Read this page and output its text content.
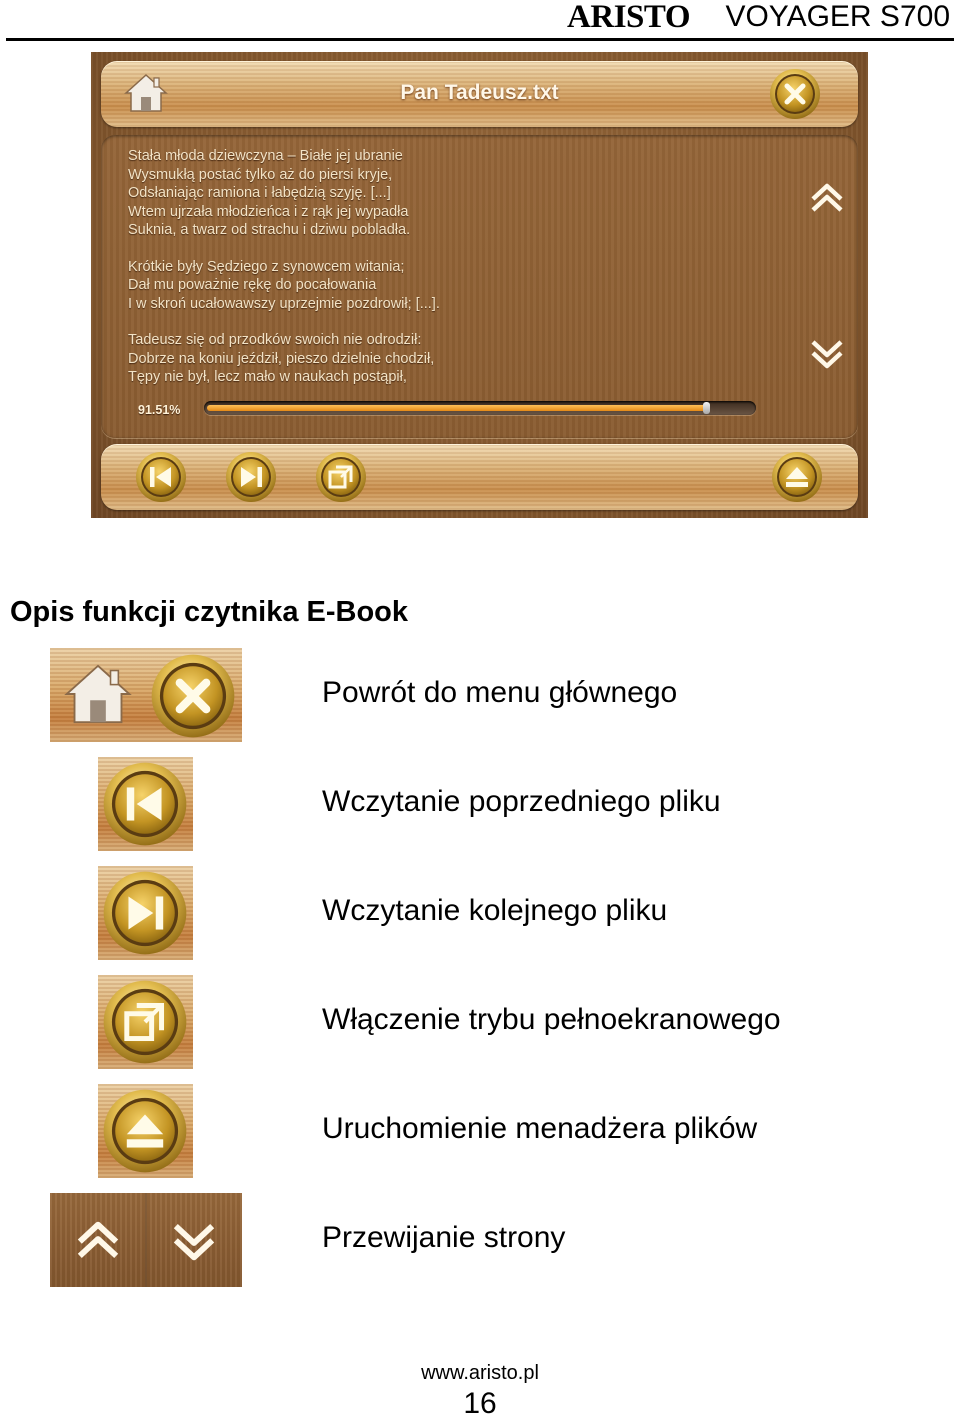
ARISTO VOYAGER S700
Pan Tadeusz.txt
Stała młoda dziewczyna – Białe jej ubranie
Wysmukłą postać tylko aż do piersi kryje,
Odsłaniając ramiona i łabędzią szyję. [...]
Wtem ujrzała młodzieńca i z rąk jej wypadła
Suknia, a twarz od strachu i dziwu pobladła.
Krótkie były Sędziego z synowcem witania;
Dał mu poważnie rękę do pocałowania
I w skroń ucałowawszy uprzejmie pozdrowił; [...].
Tadeusz się od przodków swoich nie odrodził:
Dobrze na koniu jeździł, pieszo dzielnie chodził,
Tępy nie był, lecz mało w naukach postąpił,
91.51%
Opis funkcji czytnika E-Book
Powrót do menu głównego
Wczytanie poprzedniego pliku
Wczytanie kolejnego pliku
Włączenie trybu pełnoekranowego
Uruchomienie menadżera plików
Przewijanie strony
www.aristo.pl
16
